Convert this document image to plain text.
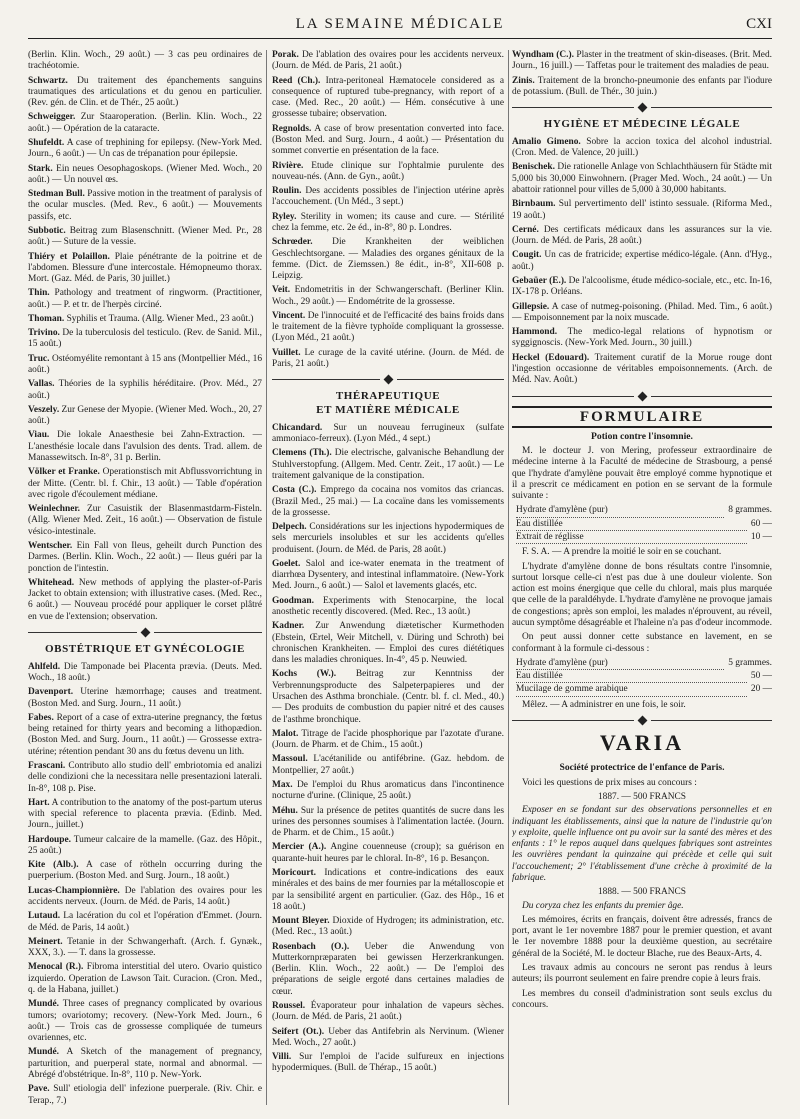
LA SEMAINE MÉDICALE	CXI
(Berlin. Klin. Woch., 29 août.) — 3 cas peu ordinaires de trachéotomie.
Schwartz. Du traitement des épanchements sanguins traumatiques des articulations et du genou en particulier. (Rev. gén. de Clin. et de Thér., 25 août.)
Schweigger. Zur Staaroperation. (Berlin. Klin. Woch., 22 août.) — Opération de la cataracte.
Shufeldt. A case of trephining for epilepsy. (New-York Med. Journ., 6 août.) — Un cas de trépanation pour épilepsie.
Stark. Ein neues Oesophagoskops. (Wiener Med. Woch., 20 août.) — Un nouvel œs.
Stedman Bull. Passive motion in the treatment of paralysis of the ocular muscles. (Med. Rev., 6 août.) — Mouvements passifs, etc.
Subbotic. Beitrag zum Blasenschnitt. (Wiener Med. Pr., 28 août.) — Suture de la vessie.
Thiéry et Polaillon. Plaie pénétrante de la poitrine et de l'abdomen. Blessure d'une intercostale. Hémopneumo thorax. Mort. (Gaz. Méd. de Paris, 30 juillet.)
Thin. Pathology and treatment of ringworm. (Practitioner, août.) — P. et tr. de l'herpès circiné.
Thoman. Syphilis et Trauma. (Allg. Wiener Med., 23 août.)
Trivino. De la tuberculosis del testiculo. (Rev. de Sanid. Mil., 15 août.)
Truc. Ostéomyélite remontant à 15 ans (Montpellier Méd., 16 août.)
Vallas. Théories de la syphilis héréditaire. (Prov. Méd., 27 août.)
Veszely. Zur Genese der Myopie. (Wiener Med. Woch., 20, 27 août.)
Viau. Die lokale Anaesthesie bei Zahn-Extraction. — L'anesthésie locale dans l'avulsion des dents. Trad. allem. de Manassewitsch. In-8°, 31 p. Berlin.
Völker et Franke. Operationstisch mit Abflussvorrichtung in der Mitte. (Centr. bl. f. Chir., 13 août.) — Table d'opération avec rigole d'écoulement médiane.
Weinlechner. Zur Casuistik der Blasenmastdarm-Fisteln. (Allg. Wiener Med. Zeit., 16 août.) — Observation de fistule vésico-intestinale.
Wentscher. Ein Fall von Ileus, geheilt durch Punction des Darmes. (Berlin. Klin. Woch., 22 août.) — Ileus guéri par la ponction de l'intestin.
Whitehead. New methods of applying the plaster-of-Paris Jacket to obtain extension; with illustrative cases. (Med. Rec., 6 août.) — Nouveau procédé pour appliquer le corset plâtré en vue de l'extension; observation.
OBSTÉTRIQUE ET GYNÉCOLOGIE
Ahlfeld. Die Tamponade bei Placenta prævia. (Deuts. Med. Woch., 18 août.)
Davenport. Uterine hæmorrhage; causes and treatment. (Boston Med. and Surg. Journ., 11 août.)
Fabes. Report of a case of extra-uterine pregnancy, the fœtus being retained for thirty years and becoming a lithopædion. (Boston Med. and Surg. Journ., 11 août.) — Grossesse extra-utérine; rétention pendant 30 ans du fœtus devenu un lith.
Frascani. Contributo allo studio dell' embriotomia ed analizi delle condizioni che la necessitara nelle presentazioni laterali. In-8°, 108 p. Pise.
Hart. A contribution to the anatomy of the post-partum uterus with special reference to placenta prævia. (Edinb. Med. Journ., juillet.)
Hardoupe. Tumeur calcaire de la mamelle. (Gaz. des Hôpit., 25 août.)
Kite (Alb.). A case of rötheln occurring during the puerperium. (Boston Med. and Surg. Journ., 18 août.)
Lucas-Championnière. De l'ablation des ovaires pour les accidents nerveux. (Journ. de Méd. de Paris, 14 août.)
Lutaud. La lacération du col et l'opération d'Emmet. (Journ. de Méd. de Paris, 14 août.)
Meinert. Tetanie in der Schwangerhaft. (Arch. f. Gynæk., XXX, 3.). — T. dans la grossesse.
Menocal (R.). Fibroma interstitial del utero. Ovario quistico izquierdo. Operation de Lawson Tait. Curacion. (Cron. Med., q. de la Habana, juillet.)
Mundé. Three cases of pregnancy complicated by ovarious tumors; ovariotomy; recovery. (New-York Med. Journ., 6 août.) — Trois cas de grossesse compliquée de tumeurs ovariennes, etc.
Mundé. A Sketch of the management of pregnancy, parturition, and puerperal state, normal and abnormal. — Abrégé d'obstétrique. In-8°, 110 p. New-York.
Pave. Sull' etiologia dell' infezione puerperale. (Riv. Chir. e Terap., 7.)
Porak. De l'ablation des ovaires pour les accidents nerveux. (Journ. de Méd. de Paris, 21 août.)
Reed (Ch.). Intra-peritoneal Hæmatocele considered as a consequence of ruptured tube-pregnancy, with report of a case. (Med. Rec., 20 août.) — Hém. consécutive à une grossesse tubaire; observation.
Regnolds. A case of brow presentation converted into face. (Boston Med. and Surg. Journ., 4 août.) — Présentation du sommet convertie en présentation de la face.
Rivière. Etude clinique sur l'ophtalmie purulente des nouveau-nés. (Ann. de Gyn., août.)
Roulin. Des accidents possibles de l'injection utérine après l'accouchement. (Un Méd., 3 sept.)
Ryley. Sterility in women; its cause and cure. — Stérilité chez la femme, etc. 2e éd., in-8°, 80 p. Londres.
Schrœder. Die Krankheiten der weiblichen Geschlechtsorgane. — Maladies des organes génitaux de la femme. (Dict. de Ziemssen.) 8e édit., in-8°, XII-608 p. Leipzig.
Veit. Endometritis in der Schwangerschaft. (Berliner Klin. Woch., 29 août.) — Endométrite de la grossesse.
Vincent. De l'innocuité et de l'efficacité des bains froids dans le traitement de la fièvre typhoïde compliquant la grossesse. (Lyon Méd., 21 août.)
Vuillet. Le curage de la cavité utérine. (Journ. de Méd. de Paris, 21 août.)
THÉRAPEUTIQUE
ET MATIÈRE MÉDICALE
Chicandard. Sur un nouveau ferrugineux (sulfate ammoniaco-ferreux). (Lyon Méd., 4 sept.)
Clemens (Th.). Die electrische, galvanische Behandlung der Stuhlverstopfung. (Allgem. Med. Centr. Zeit., 17 août.) — Le traitement galvanique de la constipation.
Costa (C.). Emprego da cocaina nos vomitos das criancas. (Brazil Med., 25 mai.) — La cocaïne dans les vomissements de la grossesse.
Delpech. Considérations sur les injections hypodermiques de sels mercuriels insolubles et sur les accidents qu'elles produisent. (Journ. de Méd. de Paris, 28 août.)
Goelet. Salol and ice-water enemata in the treatment of diarrhœa Dysentery, and intestinal inflammatoire. (New-York Med. Journ., 6 août.) — Salol et lavements glacés, etc.
Goodman. Experiments with Stenocarpine, the local anosthetic recently discovered. (Med. Rec., 13 août.)
Kadner. Zur Anwendung diætetischer Kurmethoden (Ebstein, Œrtel, Weir Mitchell, v. Düring und Schroth) bei chronischen Krankheiten. — Emploi des cures diététiques dans les maladies chroniques. In-4°, 45 p. Neuwied.
Kochs (W.). Beitrag zur Kenntniss der Verbrennungsproducte des Salpeterpapieres und der Ursachen des Asthma bronchiale. (Centr. bl. f. cl. Med., 40.) — Des produits de combustion du papier nitré et des causes de l'asthme bronchique.
Malot. Titrage de l'acide phosphorique par l'azotate d'urane. (Journ. de Pharm. et de Chim., 15 août.)
Massoul. L'acétanilide ou antifébrine. (Gaz. hebdom. de Montpellier, 27 août.)
Max. De l'emploi du Rhus aromaticus dans l'incontinence nocturne d'urine. (Clinique, 25 août.)
Méhu. Sur la présence de petites quantités de sucre dans les urines des personnes soumises à l'alimentation lactée. (Journ. de Pharm. et de Chim., 15 août.)
Mercier (A.). Angine couenneuse (croup); sa guérison en quarante-huit heures par le chloral. In-8°, 16 p. Besançon.
Moricourt. Indications et contre-indications des eaux minérales et des bains de mer fournies par la métalloscopie et par la sensibilité argent en particulier. (Gaz. des Hôp., 16 et 18 août.)
Mount Bleyer. Dioxide of Hydrogen; its administration, etc. (Med. Rec., 13 août.)
Rosenbach (O.). Ueber die Anwendung von Mutterkornpræparaten bei gewissen Herzerkrankungen. (Berlin. Klin. Woch., 22 août.) — De l'emploi des préparations de seigle ergoté dans certaines maladies de cœur.
Roussel. Évaporateur pour inhalation de vapeurs sèches. (Journ. de Méd. de Paris, 21 août.)
Seifert (Ot.). Ueber das Antifebrin als Nervinum. (Wiener Med. Woch., 27 août.)
Villi. Sur l'emploi de l'acide sulfureux en injections hypodermiques. (Bull. de Thérap., 15 août.)
Wyndham (C.). Plaster in the treatment of skin-diseases. (Brit. Med. Journ., 16 juill.) — Taffetas pour le traitement des maladies de peau.
Zinis. Traitement de la broncho-pneumonie des enfants par l'iodure de potassium. (Bull. de Thér., 30 juin.)
HYGIÈNE ET MÉDECINE LÉGALE
Amalio Gimeno. Sobre la accion toxica del alcohol industrial. (Cron. Med. de Valence, 20 juill.)
Benischek. Die rationelle Anlage von Schlachthäusern für Städte mit 5,000 bis 30,000 Einwohnern. (Prager Med. Woch., 24 août.) — Un abattoir rationnel pour villes de 5,000 à 30,000 habitants.
Birnbaum. Sul pervertimento dell' istinto sessuale. (Riforma Med., 19 août.)
Cerné. Des certificats médicaux dans les assurances sur la vie. (Journ. de Méd. de Paris, 28 août.)
Cougit. Un cas de fratricide; expertise médico-légale. (Ann. d'Hyg., août.)
Gebaüer (E.). De l'alcoolisme, étude médico-sociale, etc., etc. In-16, IX-178 p. Orléans.
Gillepsie. A case of nutmeg-poisoning. (Philad. Med. Tim., 6 août.) — Empoisonnement par la noix muscade.
Hammond. The medico-legal relations of hypnotism or syggignoscis. (New-York Med. Journ., 30 juill.)
Heckel (Edouard). Traitement curatif de la Morue rouge dont l'ingestion occasionne de véritables empoisonnements. (Arch. de Méd. Nav. Août.)
FORMULAIRE
Potion contre l'insomnie.
M. le docteur J. von Mering, professeur extraordinaire de médecine interne à la Faculté de médecine de Strasbourg, a pensé que l'hydrate d'amylène pouvait être employé comme hypnotique et il a prescrit ce médicament en potion en se servant de la formule suivante :
Hydrate d'amylène (pur)	8 grammes.
Eau distillée	60 —
Extrait de réglisse	10 —
F. S. A. — A prendre la moitié le soir en se couchant.
L'hydrate d'amylène donne de bons résultats contre l'insomnie, surtout lorsque celle-ci n'est pas due à une douleur violente. Son action est moins énergique que celle du chloral, mais plus marquée que celle de la paraldéhyde. L'hydrate d'amylène ne provoque jamais de congestions; après son emploi, les malades n'éprouvent, au réveil, aucun symptôme désagréable et l'haleine n'a pas d'odeur incommode.
On peut aussi donner cette substance en lavement, en se conformant à la formule ci-dessous :
Hydrate d'amylène (pur)	5 grammes.
Eau distillée	50 —
Mucilage de gomme arabique	20 —
Mêlez. — A administrer en une fois, le soir.
VARIA
Société protectrice de l'enfance de Paris.
Voici les questions de prix mises au concours :
1887. — 500 FRANCS
Exposer en se fondant sur des observations personnelles et en indiquant les établissements, ainsi que la nature de l'industrie qu'on y exploite, quelle influence ont pu avoir sur la santé des mères et des enfants : 1° le repos auquel dans quelques fabriques sont astreintes les ouvrières pendant la quinzaine qui précède et celle qui suit l'accouchement; 2° l'établissement d'une crèche à proximité de la fabrique.
1888. — 500 FRANCS
Du coryza chez les enfants du premier âge.
Les mémoires, écrits en français, doivent être adressés, francs de port, avant le 1er novembre 1887 pour le premier question, et avant le 1er novembre 1888 pour la deuxième question, au secrétaire général de la Société, M. le docteur Blache, rue des Beaux-Arts, 4.
Les travaux admis au concours ne seront pas rendus à leurs auteurs; ils pourront seulement en faire prendre copie à leurs frais.
Les membres du conseil d'administration sont seuls exclus du concours.
